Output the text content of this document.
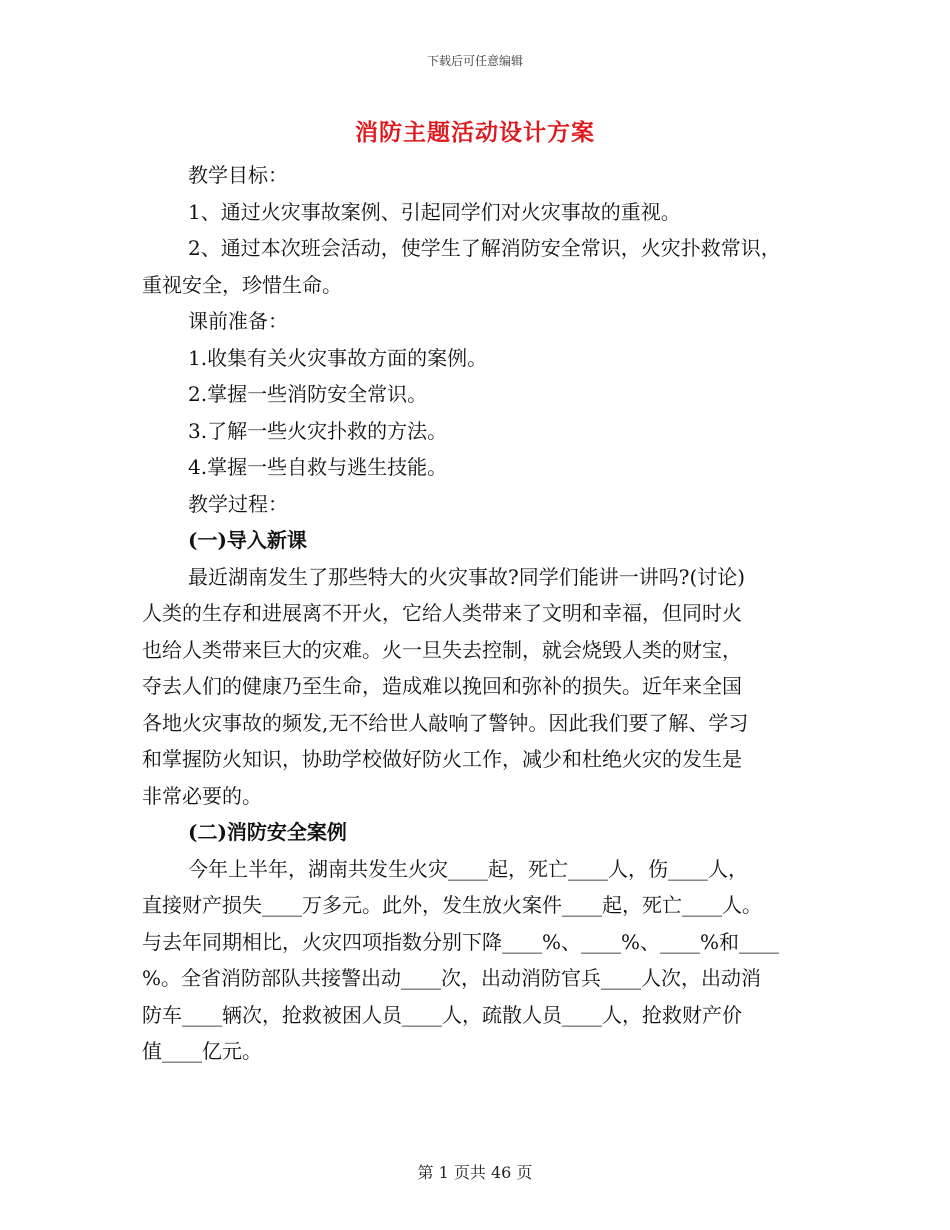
下载后可任意编辑
消防主题活动设计方案

教学目标：

1、通过火灾事故案例、引起同学们对火灾事故的重视。

2、通过本次班会活动，使学生了解消防安全常识，火灾扑救常识，

重视安全，珍惜生命。

课前准备：

1.收集有关火灾事故方面的案例。

2.掌握一些消防安全常识。

3.了解一些火灾扑救的方法。

4.掌握一些自救与逃生技能。

教学过程：

(一)导入新课

最近湖南发生了那些特大的火灾事故?同学们能讲一讲吗?(讨论)

人类的生存和进展离不开火，它给人类带来了文明和幸福，但同时火

也给人类带来巨大的灾难。火一旦失去控制，就会烧毁人类的财宝，

夺去人们的健康乃至生命，造成难以挽回和弥补的损失。近年来全国

各地火灾事故的频发,无不给世人敲响了警钟。因此我们要了解、学习

和掌握防火知识，协助学校做好防火工作，减少和杜绝火灾的发生是

非常必要的。

(二)消防安全案例

今年上半年，湖南共发生火灾____起，死亡____人，伤____人，

直接财产损失____万多元。此外，发生放火案件____起，死亡____人。

与去年同期相比，火灾四项指数分别下降____%、____%、____%和____

%。全省消防部队共接警出动____次，出动消防官兵____人次，出动消

防车____辆次，抢救被困人员____人，疏散人员____人，抢救财产价

值____亿元。

第 1 页共 46 页
